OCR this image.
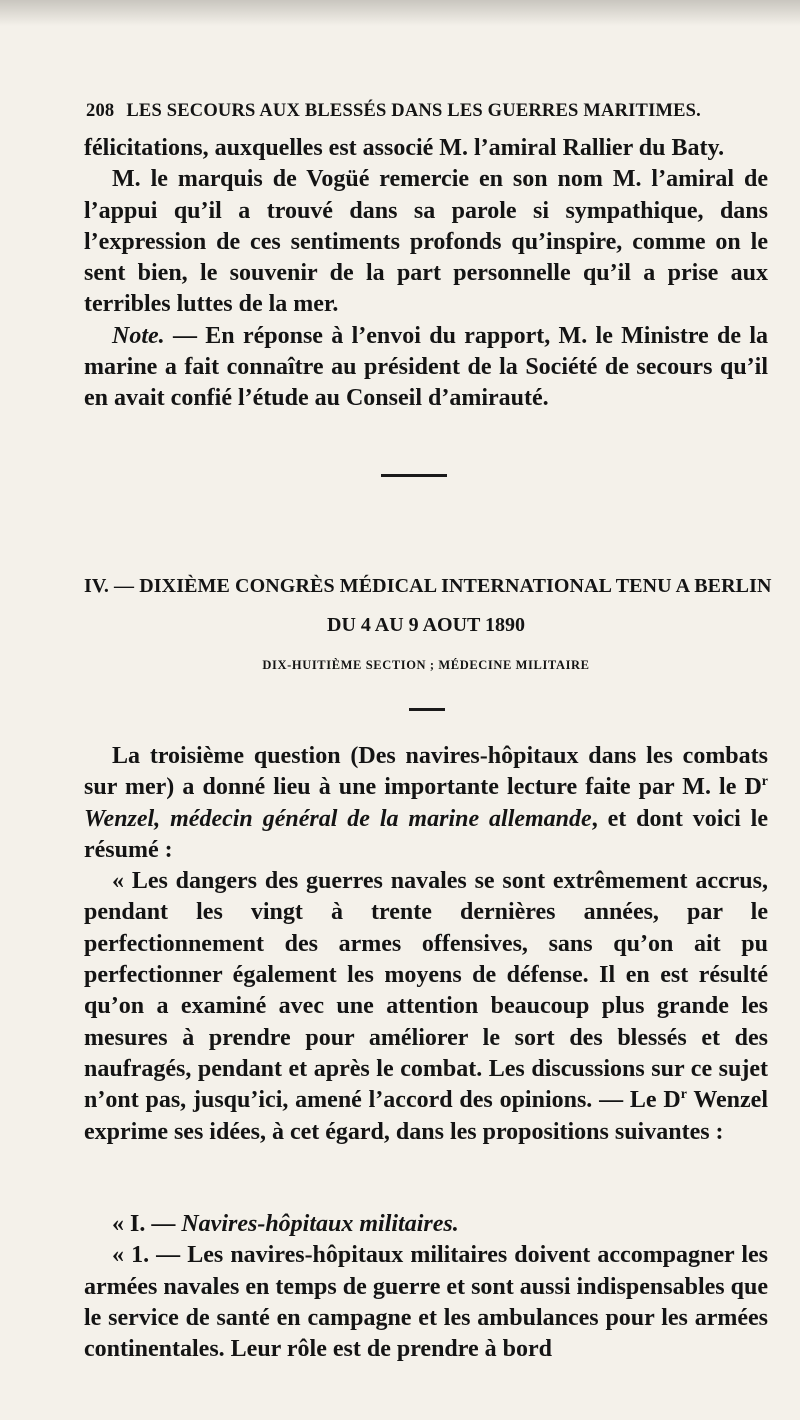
208 LES SECOURS AUX BLESSÉS DANS LES GUERRES MARITIMES.

félicitations, auxquelles est associé M. l’amiral Rallier du Baty.

M. le marquis de Vogüé remercie en son nom M. l’amiral de l’appui qu’il a trouvé dans sa parole si sympathique, dans l’expression de ces sentiments profonds qu’inspire, comme on le sent bien, le souvenir de la part personnelle qu’il a prise aux terribles luttes de la mer.

Note. — En réponse à l’envoi du rapport, M. le Ministre de la marine a fait connaître au président de la Société de secours qu’il en avait confié l’étude au Conseil d’amirauté.

IV. — DIXIÈME CONGRÈS MÉDICAL INTERNATIONAL TENU A BERLIN
DU 4 AU 9 AOUT 1890
DIX-HUITIÈME SECTION ; MÉDECINE MILITAIRE

La troisième question (Des navires-hôpitaux dans les combats sur mer) a donné lieu à une importante lecture faite par M. le $D^r$ Wenzel, médecin général de la marine allemande, et dont voici le résumé :

« Les dangers des guerres navales se sont extrêmement accrus, pendant les vingt à trente dernières années, par le perfectionnement des armes offensives, sans qu’on ait pu perfectionner également les moyens de défense. Il en est résulté qu’on a examiné avec une attention beaucoup plus grande les mesures à prendre pour améliorer le sort des blessés et des naufragés, pendant et après le combat. Les discussions sur ce sujet n’ont pas, jusqu’ici, amené l’accord des opinions. — Le $D^r$ Wenzel exprime ses idées, à cet égard, dans les propositions suivantes :

« I. — Navires-hôpitaux militaires.

« 1. — Les navires-hôpitaux militaires doivent accompagner les armées navales en temps de guerre et sont aussi indispensables que le service de santé en campagne et les ambulances pour les armées continentales. Leur rôle est de prendre à bord
